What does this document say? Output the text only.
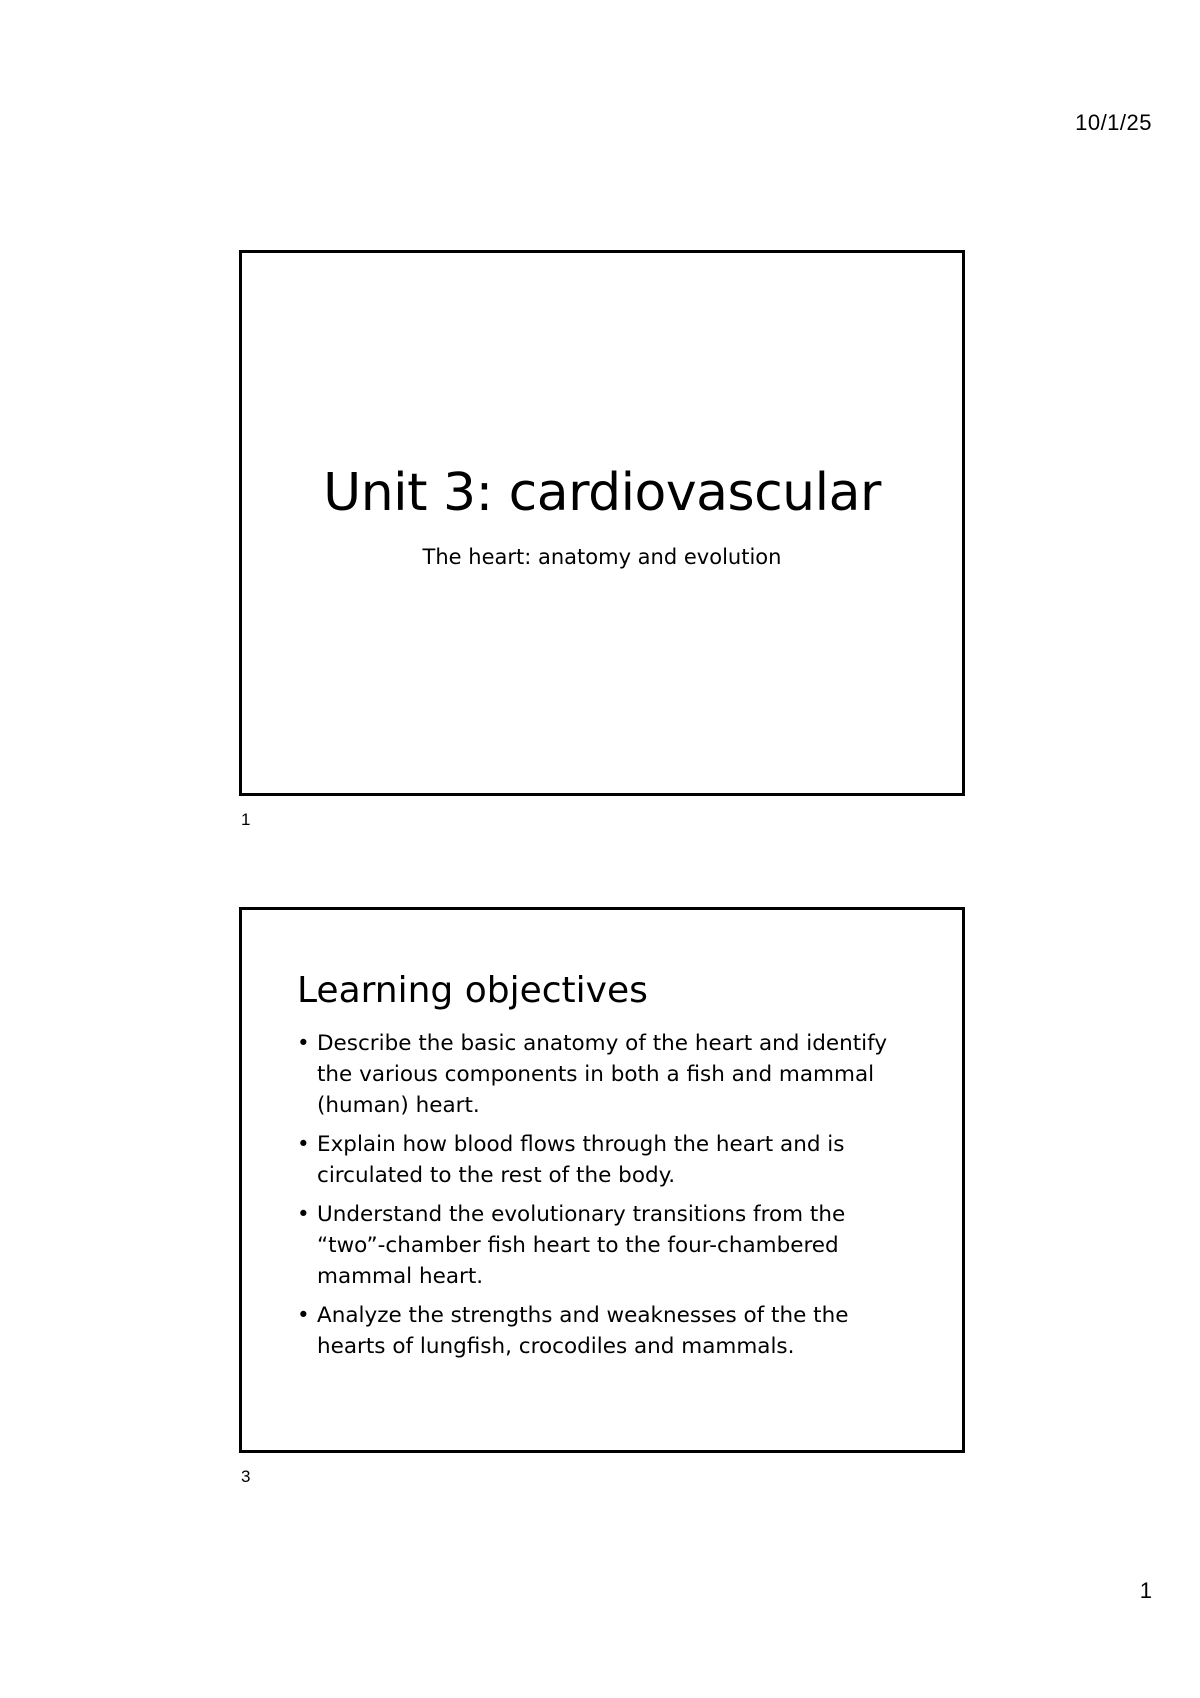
10/1/25
Unit 3: cardiovascular
The heart: anatomy and evolution
1
Learning objectives
• Describe the basic anatomy of the heart and identify the various components in both a fish and mammal (human) heart.
• Explain how blood flows through the heart and is circulated to the rest of the body.
• Understand the evolutionary transitions from the “two”-chamber fish heart to the four-chambered mammal heart.
• Analyze the strengths and weaknesses of the the hearts of lungfish, crocodiles and mammals.
3
1
